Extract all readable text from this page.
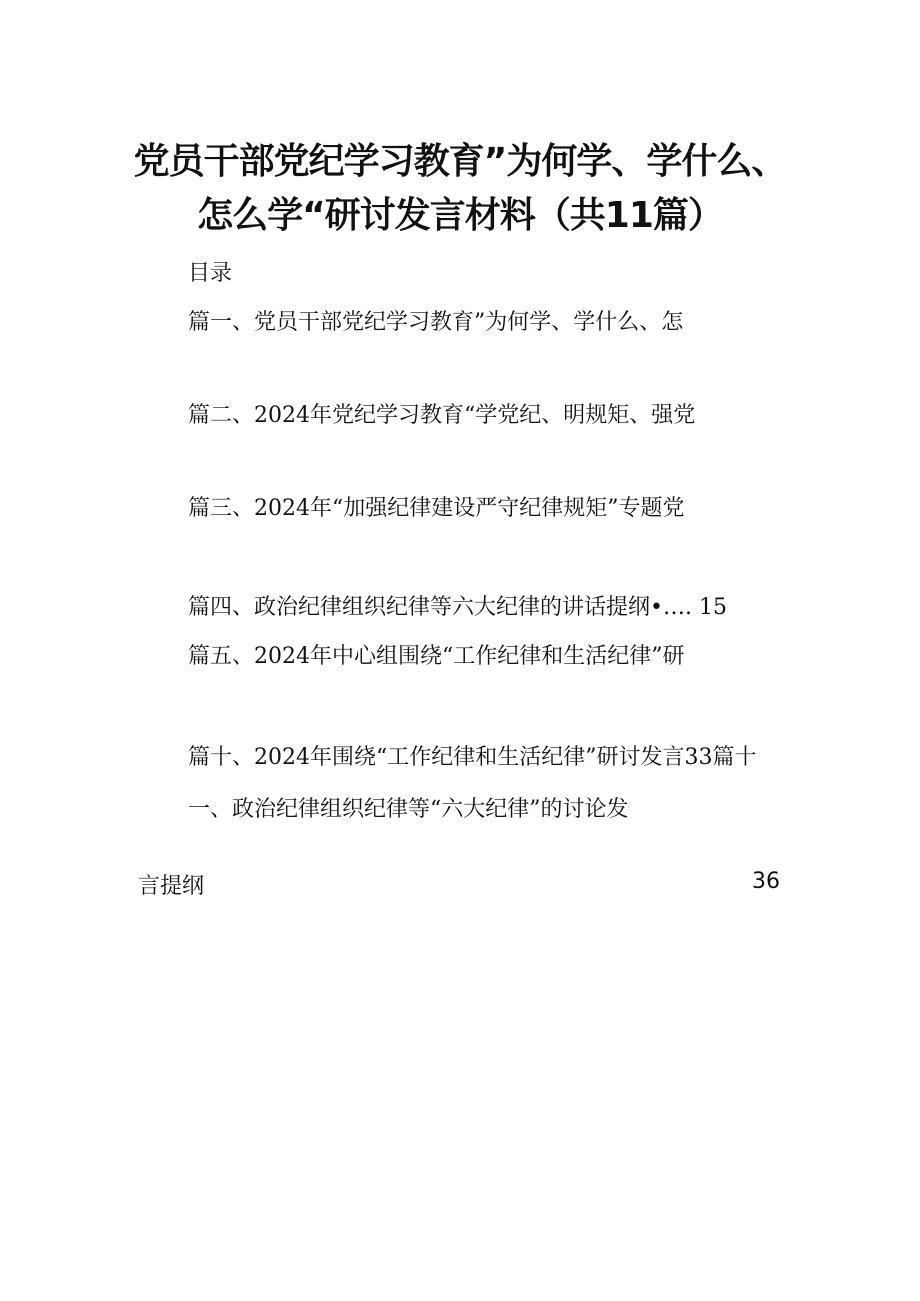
党员干部党纪学习教育”为何学、学什么、
怎么学“研讨发言材料（共11篇）
目录
篇一、党员干部党纪学习教育”为何学、学什么、怎
篇二、2024年党纪学习教育“学党纪、明规矩、强党
篇三、2024年“加强纪律建设严守纪律规矩”专题党
篇四、政治纪律组织纪律等六大纪律的讲话提纲•…. 15
篇五、2024年中心组围绕“工作纪律和生活纪律”研
篇十、2024年围绕“工作纪律和生活纪律”研讨发言33篇十
一、政治纪律组织纪律等“六大纪律”的讨论发
言提纲	36
